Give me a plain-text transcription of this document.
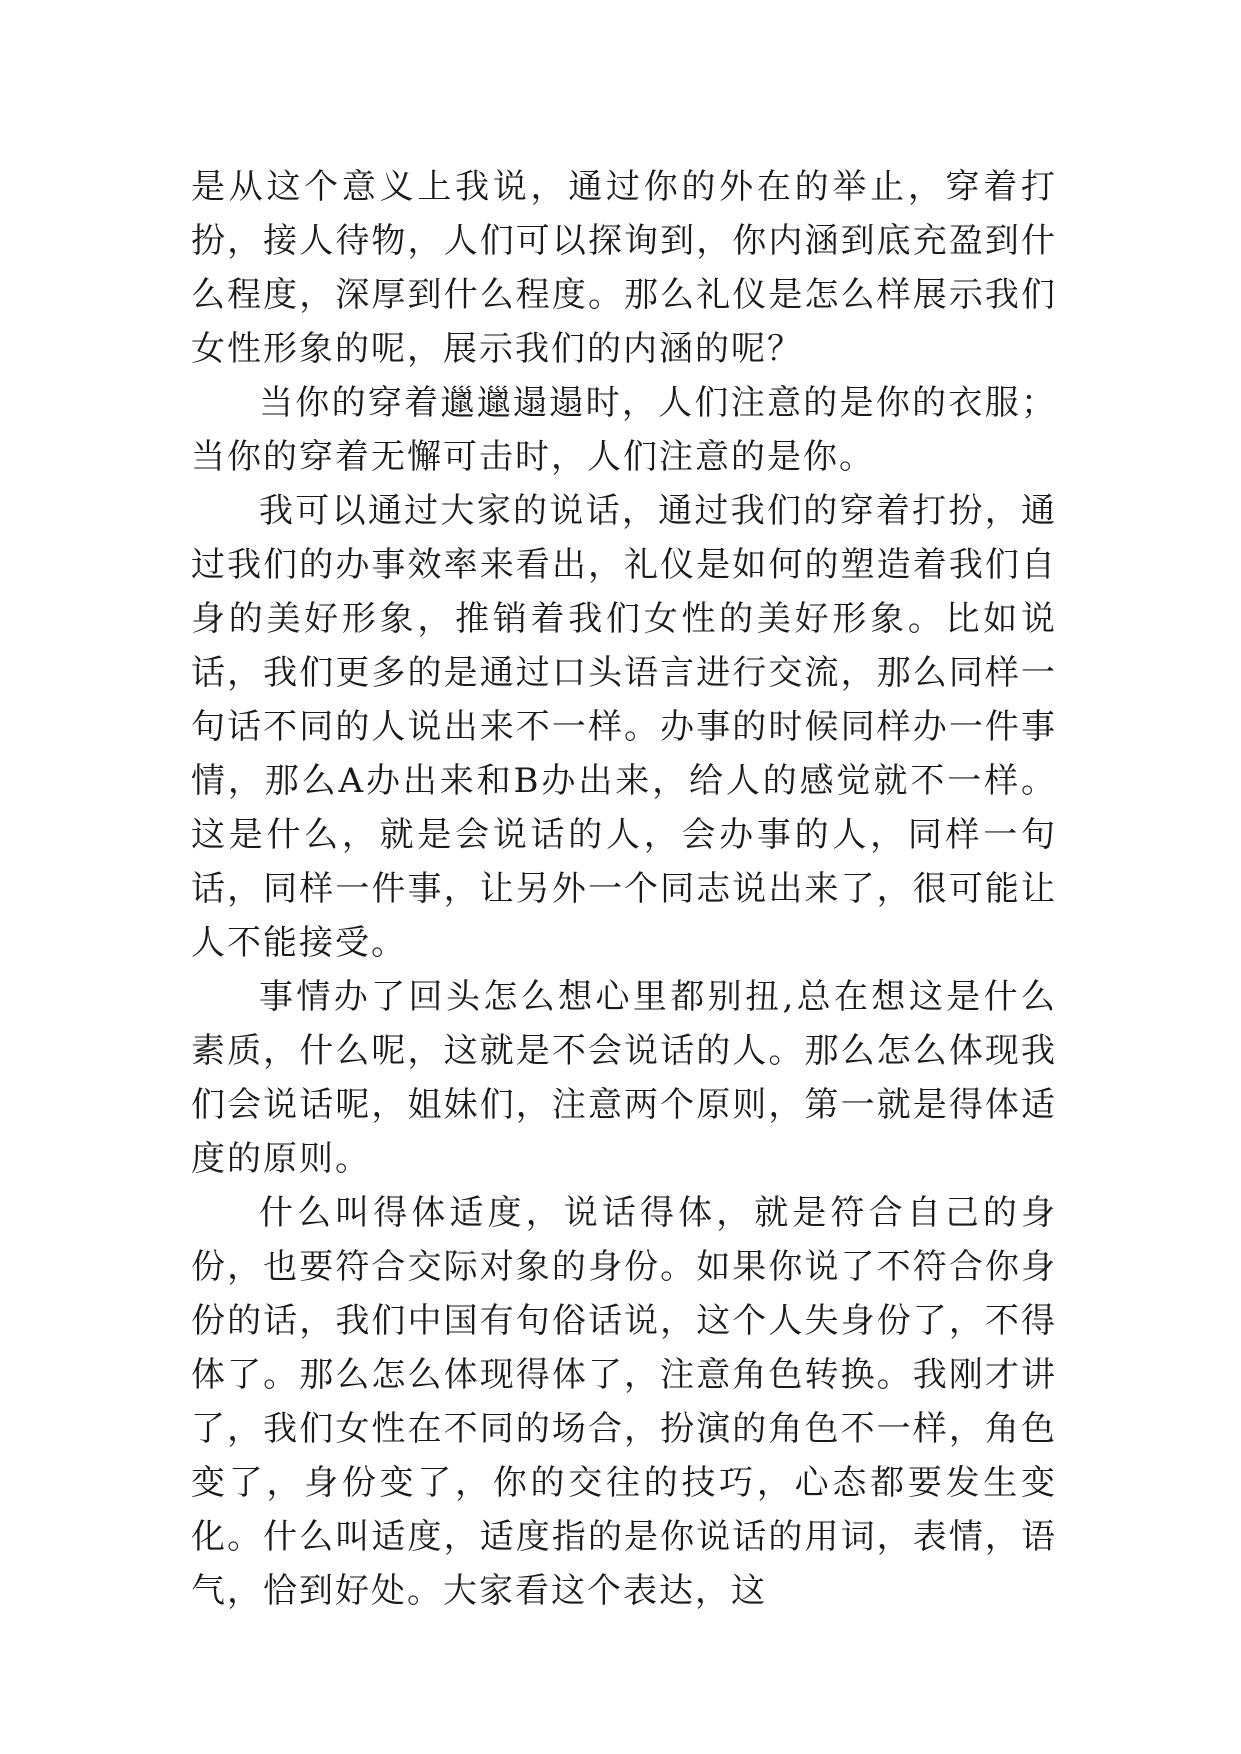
是从这个意义上我说，通过你的外在的举止，穿着打扮，接人待物，人们可以探询到，你内涵到底充盈到什么程度，深厚到什么程度。那么礼仪是怎么样展示我们女性形象的呢，展示我们的内涵的呢？

当你的穿着邋邋遢遢时，人们注意的是你的衣服；当你的穿着无懈可击时，人们注意的是你。

我可以通过大家的说话，通过我们的穿着打扮，通过我们的办事效率来看出，礼仪是如何的塑造着我们自身的美好形象，推销着我们女性的美好形象。比如说话，我们更多的是通过口头语言进行交流，那么同样一句话不同的人说出来不一样。办事的时候同样办一件事情，那么A办出来和B办出来，给人的感觉就不一样。这是什么，就是会说话的人，会办事的人，同样一句话，同样一件事，让另外一个同志说出来了，很可能让人不能接受。

事情办了回头怎么想心里都别扭,总在想这是什么素质，什么呢，这就是不会说话的人。那么怎么体现我们会说话呢，姐妹们，注意两个原则，第一就是得体适度的原则。

什么叫得体适度，说话得体，就是符合自己的身份，也要符合交际对象的身份。如果你说了不符合你身份的话，我们中国有句俗话说，这个人失身份了，不得体了。那么怎么体现得体了，注意角色转换。我刚才讲了，我们女性在不同的场合，扮演的角色不一样，角色变了，身份变了，你的交往的技巧，心态都要发生变化。什么叫适度，适度指的是你说话的用词，表情，语气，恰到好处。大家看这个表达，这
